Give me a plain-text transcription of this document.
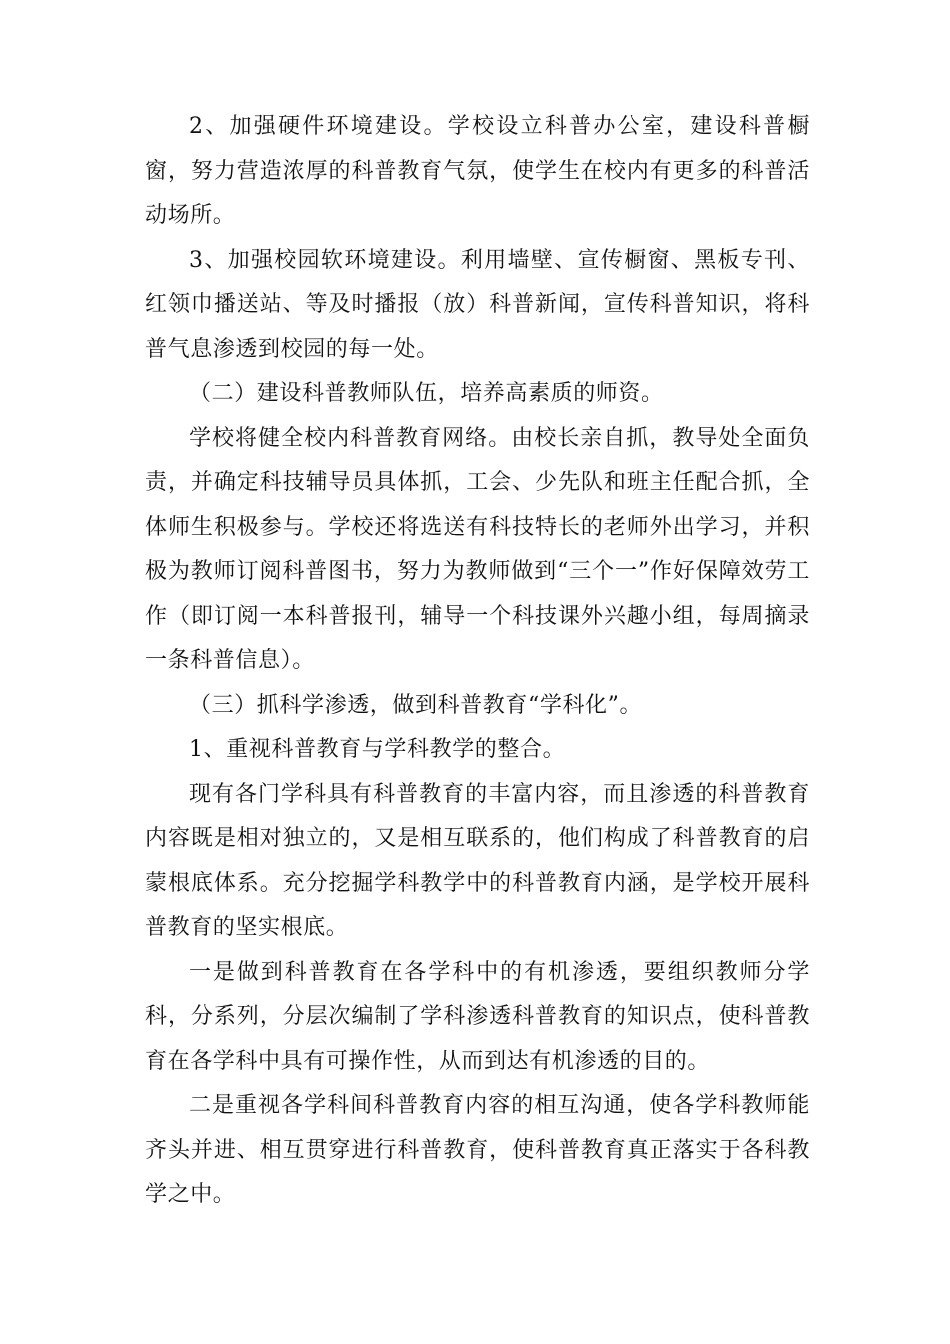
2、加强硬件环境建设。学校设立科普办公室，建设科普橱窗，努力营造浓厚的科普教育气氛，使学生在校内有更多的科普活动场所。

3、加强校园软环境建设。利用墙壁、宣传橱窗、黑板专刊、红领巾播送站、等及时播报（放）科普新闻，宣传科普知识，将科普气息渗透到校园的每一处。

（二）建设科普教师队伍，培养高素质的师资。

学校将健全校内科普教育网络。由校长亲自抓，教导处全面负责，并确定科技辅导员具体抓，工会、少先队和班主任配合抓，全体师生积极参与。学校还将选送有科技特长的老师外出学习，并积极为教师订阅科普图书，努力为教师做到“三个一”作好保障效劳工作（即订阅一本科普报刊，辅导一个科技课外兴趣小组，每周摘录一条科普信息）。

（三）抓科学渗透，做到科普教育“学科化”。

1、重视科普教育与学科教学的整合。

现有各门学科具有科普教育的丰富内容，而且渗透的科普教育内容既是相对独立的，又是相互联系的，他们构成了科普教育的启蒙根底体系。充分挖掘学科教学中的科普教育内涵，是学校开展科普教育的坚实根底。

一是做到科普教育在各学科中的有机渗透，要组织教师分学科，分系列，分层次编制了学科渗透科普教育的知识点，使科普教育在各学科中具有可操作性，从而到达有机渗透的目的。

二是重视各学科间科普教育内容的相互沟通，使各学科教师能齐头并进、相互贯穿进行科普教育，使科普教育真正落实于各科教学之中。
